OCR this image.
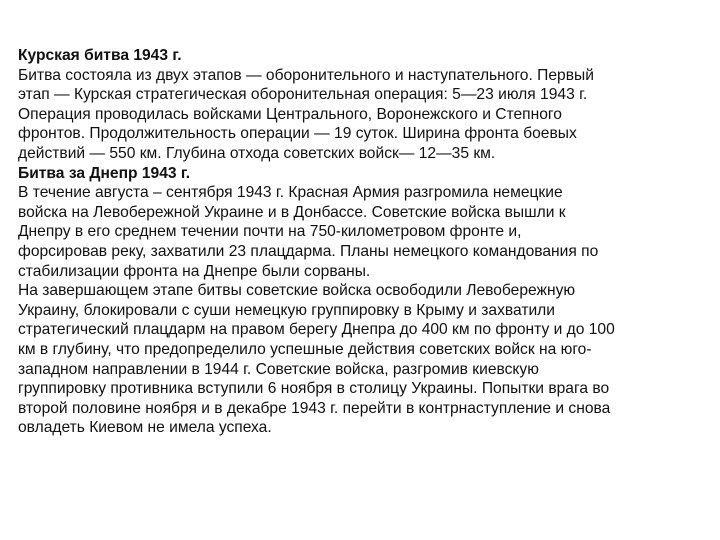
Курская битва 1943 г.
Битва состояла из двух этапов — оборонительного и наступательного. Первый
этап — Курская стратегическая оборонительная операция: 5—23 июля 1943 г.
Операция проводилась войсками Центрального, Воронежского и Степного
фронтов. Продолжительность операции — 19 суток. Ширина фронта боевых
действий — 550 км. Глубина отхода советских войск— 12—35 км.
Битва за Днепр 1943 г.
В течение августа – сентября 1943 г. Красная Армия разгромила немецкие
войска на Левобережной Украине и в Донбассе. Советские войска вышли к
Днепру в его среднем течении почти на 750-километровом фронте и,
форсировав реку, захватили 23 плацдарма. Планы немецкого командования по
стабилизации фронта на Днепре были сорваны.
На завершающем этапе битвы советские войска освободили Левобережную
Украину, блокировали с суши немецкую группировку в Крыму и захватили
стратегический плацдарм на правом берегу Днепра до 400 км по фронту и до 100
км в глубину, что предопределило успешные действия советских войск на юго-
западном направлении в 1944 г. Советские войска, разгромив киевскую
группировку противника вступили 6 ноября в столицу Украины. Попытки врага во
второй половине ноября и в декабре 1943 г. перейти в контрнаступление и снова
овладеть Киевом не имела успеха.
